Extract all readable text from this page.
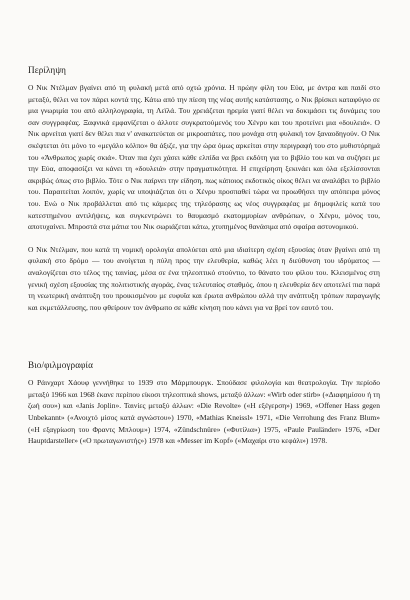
Περίληψη

Ο Νικ Ντέλμαν βγαίνει από τη φυλακή μετά από οχτώ χρόνια. Η πρώην φίλη του Εύα, με άντρα και παιδί στο μεταξύ, θέλει να τον πάρει κοντά της. Κάτω από την πίεση της νέας αυτής κατάστασης, ο Νικ βρίσκει καταφύγιο σε μια γνωριμία του από αλληλογραφία, τη Λεϊλά. Του χρειάζεται ηρεμία γιατί θέλει να δοκιμάσει τις δυνάμεις του σαν συγγραφέας. Ξαφνικά εμφανίζεται ο άλλοτε συγκρατούμενός του Χένρυ και του προτείνει μια «δουλειά». Ο Νικ αρνείται γιατί δεν θέλει πια ν' ανακατεύεται σε μικροαπάτες, που μονάχα στη φυλακή τον ξαναοδηγούν. Ο Νικ σκέφτεται ότι μόνο το «μεγάλο κόλπο» θα άξιζε, για την ώρα όμως αρκείται στην περιγραφή του στο μυθιστόρημά του «Άνθρωπος χωρίς σκιά». Όταν πια έχει χάσει κάθε ελπίδα να βρει εκδότη για το βιβλίο του και να συζήσει με την Εύα, αποφασίζει να κάνει τη «δουλειά» στην πραγματικότητα. Η επιχείρηση ξεκινάει και όλα εξελίσσονται ακριβώς όπως στο βιβλίο. Τότε ο Νικ παίρνει την είδηση, πως κάποιος εκδοτικός οίκος θέλει να αναλάβει το βιβλίο του. Παραιτείται λοιπόν, χωρίς να υποψιάζεται ότι ο Χένρυ προσπαθεί τώρα να προωθήσει την απόπειρα μόνος του. Ενώ ο Νικ προβάλλεται από τις κάμερες της τηλεόρασης ως νέος συγγραφέας με δημοφιλείς κατά του κατεστημένου αντιλήψεις, και συγκεντρώνει το θαυμασμό εκατομμυρίων ανθρώπων, ο Χένρυ, μόνος του, αποτυχαίνει. Μπροστά στα μάτια του Νικ σωριάζεται κάτω, χτυπημένος θανάσιμα από σφαίρα αστυνομικού.

Ο Νικ Ντέλμαν, που κατά τη νομική ορολογία απολύεται από μια ιδιαίτερη σχέση εξουσίας όταν βγαίνει από τη φυλακή στο δρόμο — του ανοίγεται η πύλη προς την ελευθερία, καθώς λέει η διεύθυνση του ιδρύματος — αναλογίζεται στο τέλος της ταινίας, μέσα σε ένα τηλεοπτικό στούντιο, το θάνατο του φίλου του. Κλεισμένος στη γενική σχέση εξουσίας της πολιτιστικής αγοράς, ένας τελευταίος σταθμός, όπου η ελευθερία δεν αποτελεί πια παρά τη νεωτερική ανάπτυξη του προικισμένου με ευφυΐα και έρωτα ανθρώπου αλλά την ανάπτυξη τρόπων παραγωγής και εκμετάλλευσης, που φθείρουν τον άνθρωπο σε κάθε κίνηση που κάνει για να βρεί τον εαυτό του.

Βιο/φιλμογραφία

Ο Ράινχαρτ Χάουφ γεννήθηκε το 1939 στο Μάρμπουργκ. Σπούδασε φιλολογία και θεατρολογία. Την περίοδο μεταξύ 1966 και 1968 έκανε περίπου είκοσι τηλεοπτικά shows, μεταξύ άλλων: «Wirb oder stirb» («Διαφημίσου ή τη ζωή σου») και «Janis Joplin». Ταινίες μεταξύ άλλων: «Die Revolte» («Η εξέγερση») 1969, «Offener Hass gegen Unbekannt» («Ανοιχτό μίσος κατά αγνώστου») 1970, «Mathias Kneissl» 1971, «Die Verrohung des Franz Blum» («Η εξαγρίωση του Φραντς Μπλουμ») 1974, «Zündschnüre» («Φυτίλια») 1975, «Paule Pauländer» 1976, «Der Hauptdarsteller» («Ο πρωταγωνιστής») 1978 και «Messer im Kopf» («Μαχαίρι στο κεφάλι») 1978.
